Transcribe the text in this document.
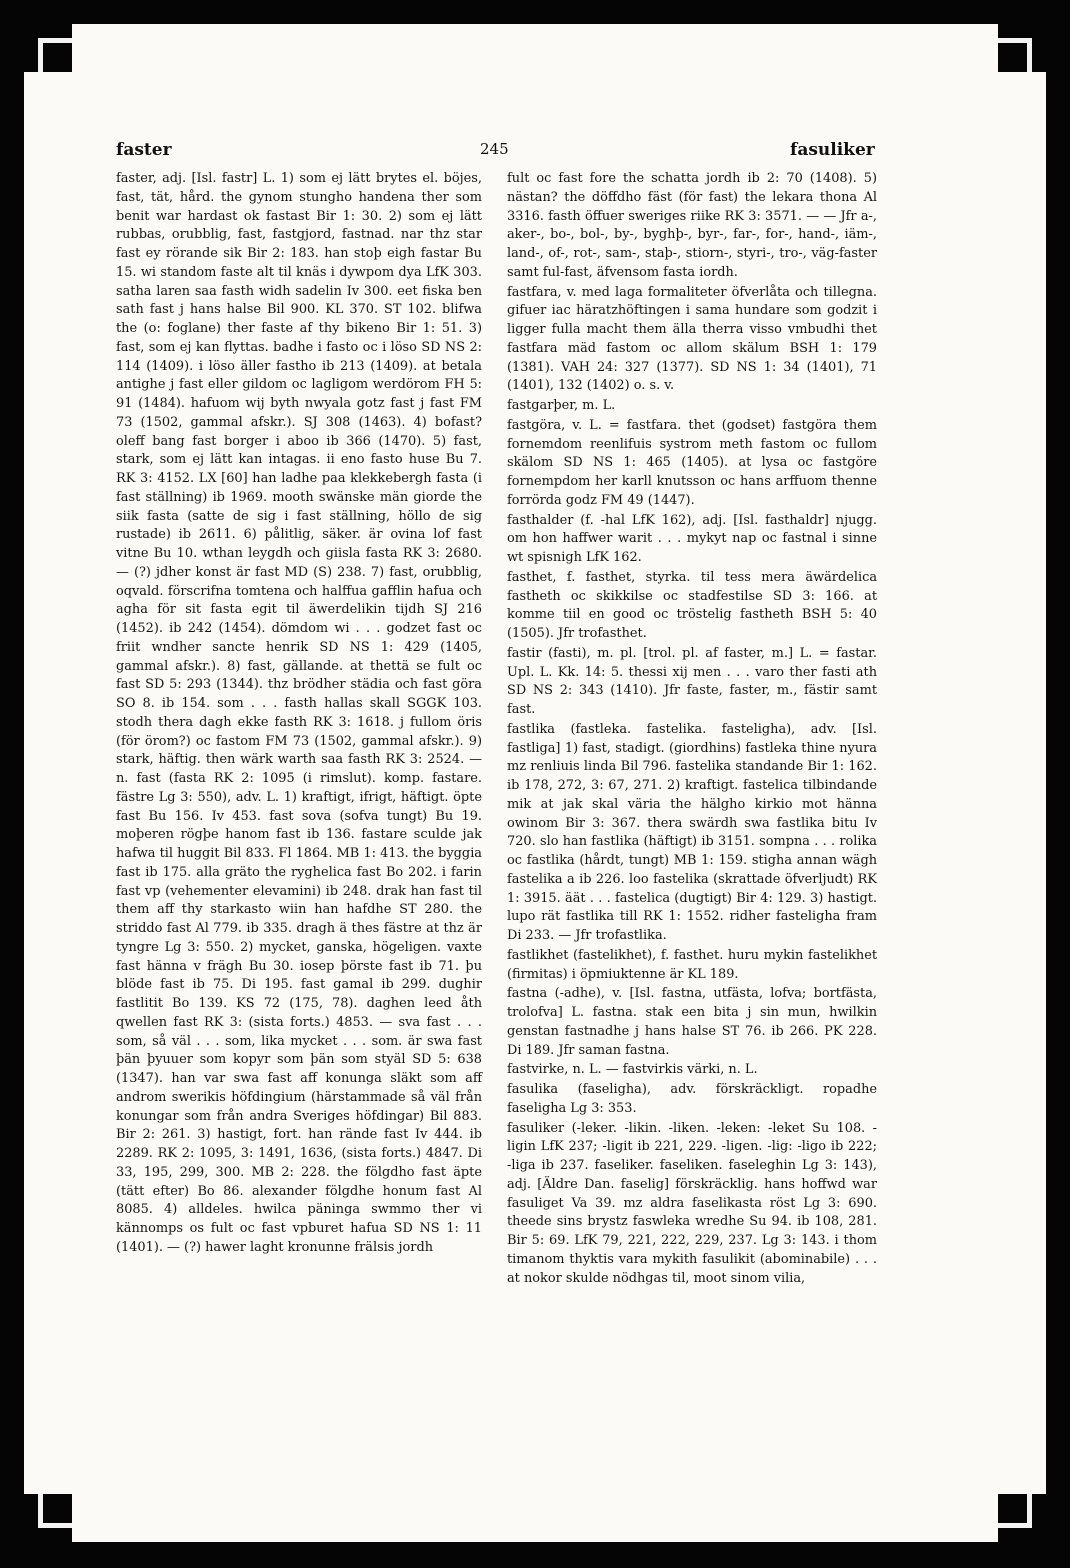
faster	245	fasuliker

faster, adj. [Isl. fastr] L. 1) som ej lätt brytes el. böjes, fast, tät, hård. the gynom stungho handena ther som benit war hardast ok fastast Bir 1: 30. 2) som ej lätt rubbas, orubblig, fast, fastgjord, fastnad. nar thz star fast ey rörande sik Bir 2: 183. han stoþ eigh fastar Bu 15. wi standom faste alt til knäs i dywpom dya LfK 303. satha laren saa fasth widh sadelin Iv 300. eet fiska ben sath fast j hans halse Bil 900. KL 370. ST 102. blifwa the (o: foglane) ther faste af thy bikeno Bir 1: 51. 3) fast, som ej kan flyttas. badhe i fasto oc i löso SD NS 2: 114 (1409). i löso äller fastho ib 213 (1409). at betala antighe j fast eller gildom oc lagligom werdörom FH 5: 91 (1484). hafuom wij byth nwyala gotz fast j fast FM 73 (1502, gammal afskr.). SJ 308 (1463). 4) bofast? oleff bang fast borger i aboo ib 366 (1470). 5) fast, stark, som ej lätt kan intagas. ii eno fasto huse Bu 7. RK 3: 4152. LX [60] han ladhe paa klekkebergh fasta (i fast ställning) ib 1969. mooth swänske män giorde the siik fasta (satte de sig i fast ställning, höllo de sig rustade) ib 2611. 6) pålitlig, säker. är ovina lof fast vitne Bu 10. wthan leygdh och giisla fasta RK 3: 2680. — (?) jdher konst är fast MD (S) 238. 7) fast, orubblig, oqvald. förscrifna tomtena och halffua gafflin hafua och agha för sit fasta egit til äwerdelikin tijdh SJ 216 (1452). ib 242 (1454). dömdom wi . . . godzet fast oc friit wndher sancte henrik SD NS 1: 429 (1405, gammal afskr.). 8) fast, gällande. at thettä se fult oc fast SD 5: 293 (1344). thz brödher städia och fast göra SO 8. ib 154. som . . . fasth hallas skall SGGK 103. stodh thera dagh ekke fasth RK 3: 1618. j fullom öris (för örom?) oc fastom FM 73 (1502, gammal afskr.). 9) stark, häftig. then wärk warth saa fasth RK 3: 2524. — n. fast (fasta RK 2: 1095 (i rimslut). komp. fastare. fästre Lg 3: 550), adv. L. 1) kraftigt, ifrigt, häftigt. öpte fast Bu 156. Iv 453. fast sova (sofva tungt) Bu 19. moþeren rögþe hanom fast ib 136. fastare sculde jak hafwa til huggit Bil 833. Fl 1864. MB 1: 413. the byggia fast ib 175. alla gräto the ryghelica fast Bo 202. i farin fast vp (vehementer elevamini) ib 248. drak han fast til them aff thy starkasto wiin han hafdhe ST 280. the striddo fast Al 779. ib 335. dragh ä thes fästre at thz är tyngre Lg 3: 550. 2) mycket, ganska, högeligen. vaxte fast hänna v frägh Bu 30. iosep þörste fast ib 71. þu blöde fast ib 75. Di 195. fast gamal ib 299. dughir fastlitit Bo 139. KS 72 (175, 78). daghen leed åth qwellen fast RK 3: (sista forts.) 4853. — sva fast . . . som, så väl . . . som, lika mycket . . . som. är swa fast þän þyuuer som kopyr som þän som styäl SD 5: 638 (1347). han var swa fast aff konunga släkt som aff androm swerikis höfdingium (härstammade så väl från konungar som från andra Sveriges höfdingar) Bil 883. Bir 2: 261. 3) hastigt, fort. han rände fast Iv 444. ib 2289. RK 2: 1095, 3: 1491, 1636, (sista forts.) 4847. Di 33, 195, 299, 300. MB 2: 228. the fölgdho fast äpte (tätt efter) Bo 86. alexander fölgdhe honum fast Al 8085. 4) alldeles. hwilca päninga swmmo ther vi kännomps os fult oc fast vpburet hafua SD NS 1: 11 (1401). — (?) hawer laght kronunne frälsis jordh

fult oc fast fore the schatta jordh ib 2: 70 (1408). 5) nästan? the döffdho fäst (för fast) the lekara thona Al 3316. fasth öffuer sweriges riike RK 3: 3571. — — Jfr a-, aker-, bo-, bol-, by-, byghþ-, byr-, far-, for-, hand-, iäm-, land-, of-, rot-, sam-, staþ-, stiorn-, styri-, tro-, väg-faster samt ful-fast, äfvensom fasta iordh.

fastfara, v. med laga formaliteter öfverlåta och tillegna. gifuer iac häratzhöftingen i sama hundare som godzit i ligger fulla macht them älla therra visso vmbudhi thet fastfara mäd fastom oc allom skälum BSH 1: 179 (1381). VAH 24: 327 (1377). SD NS 1: 34 (1401), 71 (1401), 132 (1402) o. s. v.

fastgarþer, m. L.

fastgöra, v. L. = fastfara. thet (godset) fastgöra them fornemdom reenlifuis systrom meth fastom oc fullom skälom SD NS 1: 465 (1405). at lysa oc fastgöre fornempdom her karll knutsson oc hans arffuom thenne forrörda godz FM 49 (1447).

fasthalder (f. -hal LfK 162), adj. [Isl. fasthaldr] njugg. om hon haffwer warit . . . mykyt nap oc fastnal i sinne wt spisnigh LfK 162.

fasthet, f. fasthet, styrka. til tess mera äwärdelica fastheth oc skikkilse oc stadfestilse SD 3: 166. at komme tiil en good oc tröstelig fastheth BSH 5: 40 (1505). Jfr trofasthet.

fastir (fasti), m. pl. [trol. pl. af faster, m.] L. = fastar. Upl. L. Kk. 14: 5. thessi xij men . . . varo ther fasti ath SD NS 2: 343 (1410). Jfr faste, faster, m., fästir samt fast.

fastlika (fastleka. fastelika. fasteligha), adv. [Isl. fastliga] 1) fast, stadigt. (giordhins) fastleka thine nyura mz renliuis linda Bil 796. fastelika standande Bir 1: 162. ib 178, 272, 3: 67, 271. 2) kraftigt. fastelica tilbindande mik at jak skal väria the hälgho kirkio mot hänna owinom Bir 3: 367. thera swärdh swa fastlika bitu Iv 720. slo han fastlika (häftigt) ib 3151. sompna . . . rolika oc fastlika (hårdt, tungt) MB 1: 159. stigha annan wägh fastelika a ib 226. loo fastelika (skrattade öfverljudt) RK 1: 3915. äät . . . fastelica (dugtigt) Bir 4: 129. 3) hastigt. lupo rät fastlika till RK 1: 1552. ridher fasteligha fram Di 233. — Jfr trofastlika.

fastlikhet (fastelikhet), f. fasthet. huru mykin fastelikhet (firmitas) i öpmiuktenne är KL 189.

fastna (-adhe), v. [Isl. fastna, utfästa, lofva; bortfästa, trolofva] L. fastna. stak een bita j sin mun, hwilkin genstan fastnadhe j hans halse ST 76. ib 266. PK 228. Di 189. Jfr saman fastna.

fastvirke, n. L. — fastvirkis värki, n. L.

fasulika (faseligha), adv. förskräckligt. ropadhe faseligha Lg 3: 353.

fasuliker (-leker. -likin. -liken. -leken: -leket Su 108. -ligin LfK 237; -ligit ib 221, 229. -ligen. -lig: -ligo ib 222; -liga ib 237. faseliker. faseliken. faseleghin Lg 3: 143), adj. [Äldre Dan. faselig] förskräcklig. hans hoffwd war fasuliget Va 39. mz aldra faselikasta röst Lg 3: 690. theede sins brystz faswleka wredhe Su 94. ib 108, 281. Bir 5: 69. LfK 79, 221, 222, 229, 237. Lg 3: 143. i thom timanom thyktis vara mykith fasulikit (abominabile) . . . at nokor skulde nödhgas til, moot sinom vilia,
